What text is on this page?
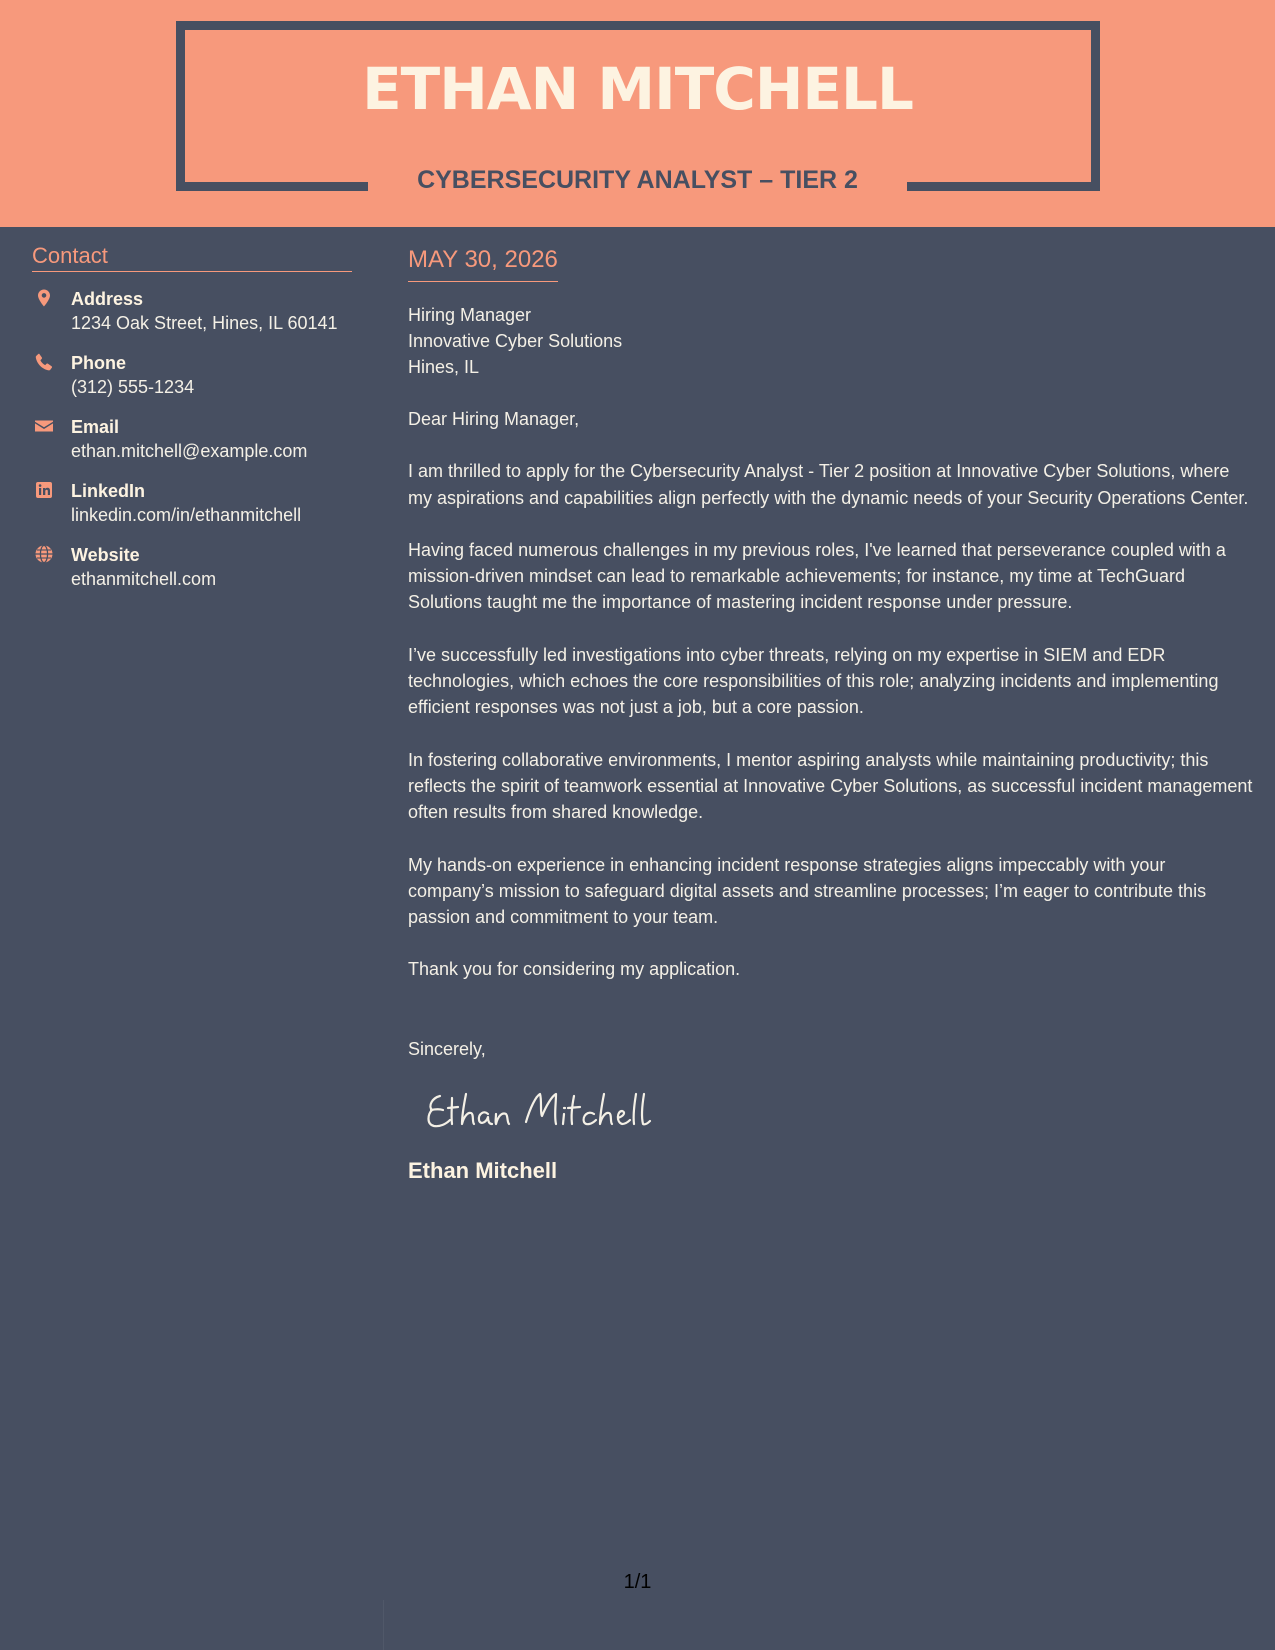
ETHAN MITCHELL
CYBERSECURITY ANALYST – TIER 2
Contact
Address
1234 Oak Street, Hines, IL 60141
Phone
(312) 555-1234
Email
ethan.mitchell@example.com
LinkedIn
linkedin.com/in/ethanmitchell
Website
ethanmitchell.com
MAY 30, 2026
Hiring Manager
Innovative Cyber Solutions
Hines, IL
Dear Hiring Manager,
I am thrilled to apply for the Cybersecurity Analyst - Tier 2 position at Innovative Cyber Solutions, where my aspirations and capabilities align perfectly with the dynamic needs of your Security Operations Center.
Having faced numerous challenges in my previous roles, I've learned that perseverance coupled with a mission-driven mindset can lead to remarkable achievements; for instance, my time at TechGuard Solutions taught me the importance of mastering incident response under pressure.
I’ve successfully led investigations into cyber threats, relying on my expertise in SIEM and EDR technologies, which echoes the core responsibilities of this role; analyzing incidents and implementing efficient responses was not just a job, but a core passion.
In fostering collaborative environments, I mentor aspiring analysts while maintaining productivity; this reflects the spirit of teamwork essential at Innovative Cyber Solutions, as successful incident management often results from shared knowledge.
My hands-on experience in enhancing incident response strategies aligns impeccably with your company’s mission to safeguard digital assets and streamline processes; I’m eager to contribute this passion and commitment to your team.
Thank you for considering my application.
Sincerely,
Ethan Mitchell
1/1
